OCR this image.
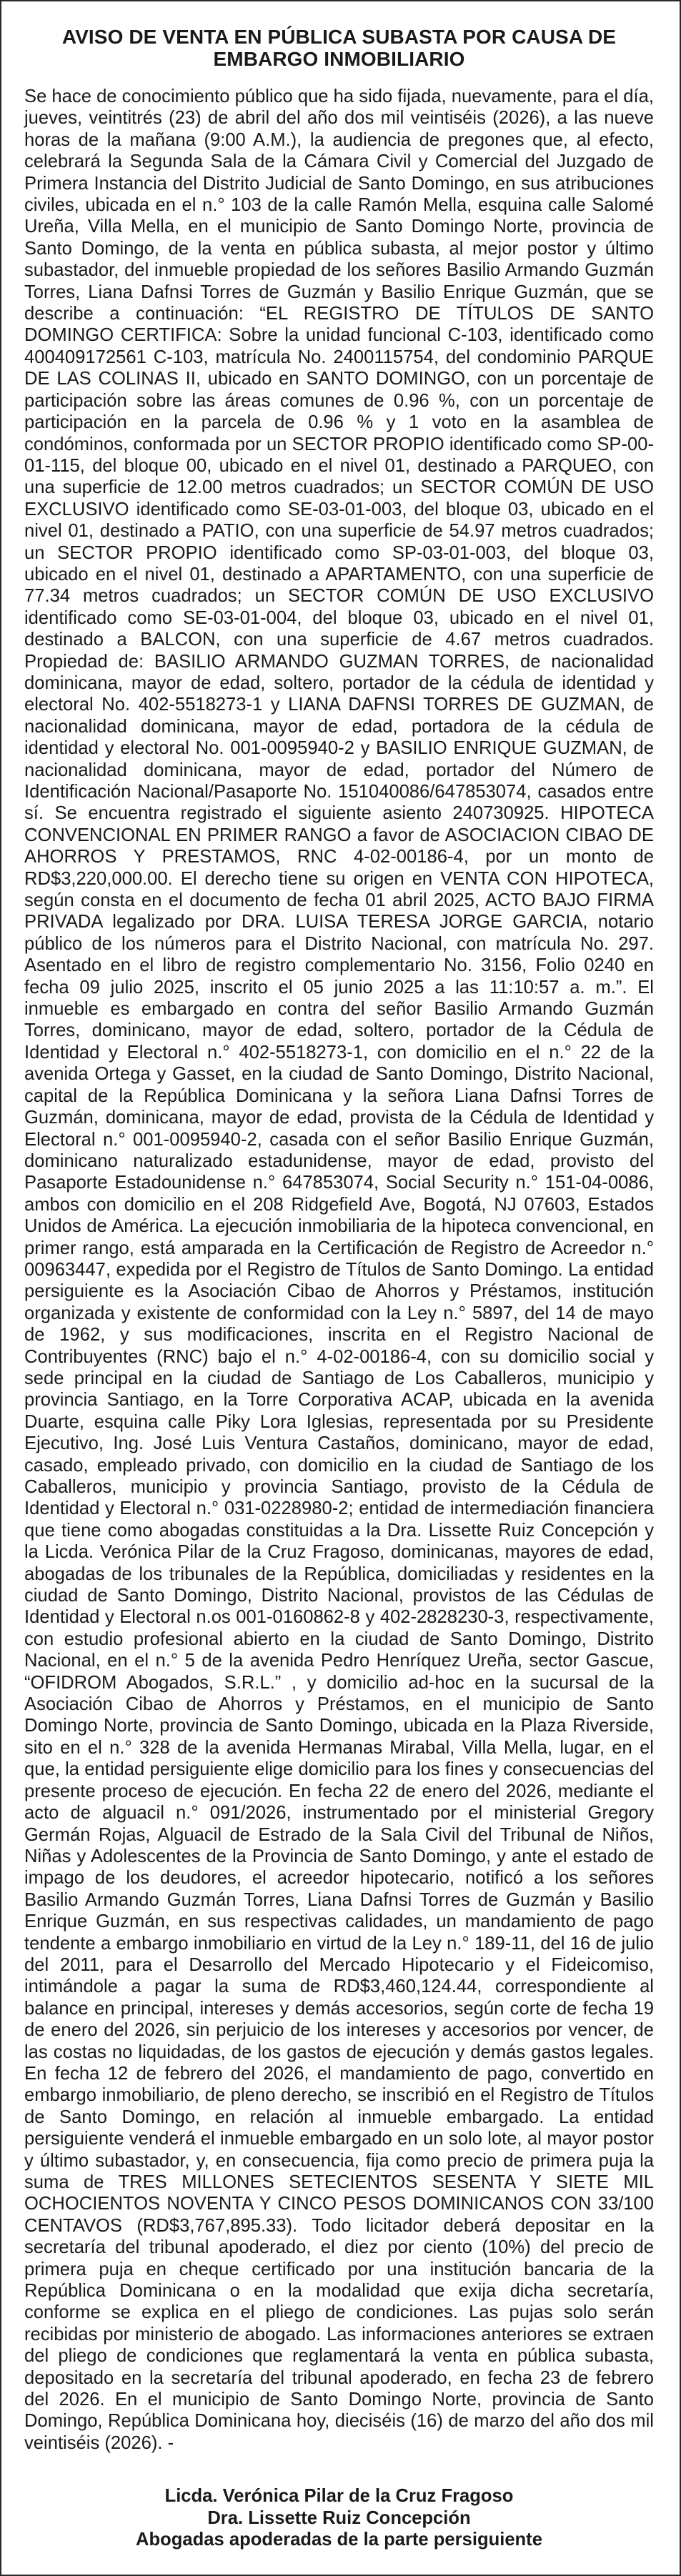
AVISO DE VENTA EN PÚBLICA SUBASTA POR CAUSA DE EMBARGO INMOBILIARIO

Se hace de conocimiento público que ha sido fijada, nuevamente, para el día, jueves, veintitrés (23) de abril del año dos mil veintiséis (2026), a las nueve horas de la mañana (9:00 A.M.), la audiencia de pregones que, al efecto, celebrará la Segunda Sala de la Cámara Civil y Comercial del Juzgado de Primera Instancia del Distrito Judicial de Santo Domingo, en sus atribuciones civiles, ubicada en el n.° 103 de la calle Ramón Mella, esquina calle Salomé Ureña, Villa Mella, en el municipio de Santo Domingo Norte, provincia de Santo Domingo, de la venta en pública subasta, al mejor postor y último subastador, del inmueble propiedad de los señores Basilio Armando Guzmán Torres, Liana Dafnsi Torres de Guzmán y Basilio Enrique Guzmán, que se describe a continuación: “EL REGISTRO DE TÍTULOS DE SANTO DOMINGO CERTIFICA: Sobre la unidad funcional C-103, identificado como 400409172561 C-103, matrícula No. 2400115754, del condominio PARQUE DE LAS COLINAS II, ubicado en SANTO DOMINGO, con un porcentaje de participación sobre las áreas comunes de 0.96 %, con un porcentaje de participación en la parcela de 0.96 % y 1 voto en la asamblea de condóminos, conformada por un SECTOR PROPIO identificado como SP-00-01-115, del bloque 00, ubicado en el nivel 01, destinado a PARQUEO, con una superficie de 12.00 metros cuadrados; un SECTOR COMÚN DE USO EXCLUSIVO identificado como SE-03-01-003, del bloque 03, ubicado en el nivel 01, destinado a PATIO, con una superficie de 54.97 metros cuadrados; un SECTOR PROPIO identificado como SP-03-01-003, del bloque 03, ubicado en el nivel 01, destinado a APARTAMENTO, con una superficie de 77.34 metros cuadrados; un SECTOR COMÚN DE USO EXCLUSIVO identificado como SE-03-01-004, del bloque 03, ubicado en el nivel 01, destinado a BALCON, con una superficie de 4.67 metros cuadrados. Propiedad de: BASILIO ARMANDO GUZMAN TORRES, de nacionalidad dominicana, mayor de edad, soltero, portador de la cédula de identidad y electoral No. 402-5518273-1 y LIANA DAFNSI TORRES DE GUZMAN, de nacionalidad dominicana, mayor de edad, portadora de la cédula de identidad y electoral No. 001-0095940-2 y BASILIO ENRIQUE GUZMAN, de nacionalidad dominicana, mayor de edad, portador del Número de Identificación Nacional/Pasaporte No. 151040086/647853074, casados entre sí. Se encuentra registrado el siguiente asiento 240730925. HIPOTECA CONVENCIONAL EN PRIMER RANGO a favor de ASOCIACION CIBAO DE AHORROS Y PRESTAMOS, RNC 4-02-00186-4, por un monto de RD$3,220,000.00. El derecho tiene su origen en VENTA CON HIPOTECA, según consta en el documento de fecha 01 abril 2025, ACTO BAJO FIRMA PRIVADA legalizado por DRA. LUISA TERESA JORGE GARCIA, notario público de los números para el Distrito Nacional, con matrícula No. 297. Asentado en el libro de registro complementario No. 3156, Folio 0240 en fecha 09 julio 2025, inscrito el 05 junio 2025 a las 11:10:57 a. m.”. El inmueble es embargado en contra del señor Basilio Armando Guzmán Torres, dominicano, mayor de edad, soltero, portador de la Cédula de Identidad y Electoral n.° 402-5518273-1, con domicilio en el n.° 22 de la avenida Ortega y Gasset, en la ciudad de Santo Domingo, Distrito Nacional, capital de la República Dominicana y la señora Liana Dafnsi Torres de Guzmán, dominicana, mayor de edad, provista de la Cédula de Identidad y Electoral n.° 001-0095940-2, casada con el señor Basilio Enrique Guzmán, dominicano naturalizado estadunidense, mayor de edad, provisto del Pasaporte Estadounidense n.° 647853074, Social Security n.° 151-04-0086, ambos con domicilio en el 208 Ridgefield Ave, Bogotá, NJ 07603, Estados Unidos de América. La ejecución inmobiliaria de la hipoteca convencional, en primer rango, está amparada en la Certificación de Registro de Acreedor n.° 00963447, expedida por el Registro de Títulos de Santo Domingo. La entidad persiguiente es la Asociación Cibao de Ahorros y Préstamos, institución organizada y existente de conformidad con la Ley n.° 5897, del 14 de mayo de 1962, y sus modificaciones, inscrita en el Registro Nacional de Contribuyentes (RNC) bajo el n.° 4-02-00186-4, con su domicilio social y sede principal en la ciudad de Santiago de Los Caballeros, municipio y provincia Santiago, en la Torre Corporativa ACAP, ubicada en la avenida Duarte, esquina calle Piky Lora Iglesias, representada por su Presidente Ejecutivo, Ing. José Luis Ventura Castaños, dominicano, mayor de edad, casado, empleado privado, con domicilio en la ciudad de Santiago de los Caballeros, municipio y provincia Santiago, provisto de la Cédula de Identidad y Electoral n.° 031-0228980-2; entidad de intermediación financiera que tiene como abogadas constituidas a la Dra. Lissette Ruiz Concepción y la Licda. Verónica Pilar de la Cruz Fragoso, dominicanas, mayores de edad, abogadas de los tribunales de la República, domiciliadas y residentes en la ciudad de Santo Domingo, Distrito Nacional, provistos de las Cédulas de Identidad y Electoral n.os 001-0160862-8 y 402-2828230-3, respectivamente, con estudio profesional abierto en la ciudad de Santo Domingo, Distrito Nacional, en el n.° 5 de la avenida Pedro Henríquez Ureña, sector Gascue, “OFIDROM Abogados, S.R.L.” , y domicilio ad-hoc en la sucursal de la Asociación Cibao de Ahorros y Préstamos, en el municipio de Santo Domingo Norte, provincia de Santo Domingo, ubicada en la Plaza Riverside, sito en el n.° 328 de la avenida Hermanas Mirabal, Villa Mella, lugar, en el que, la entidad persiguiente elige domicilio para los fines y consecuencias del presente proceso de ejecución. En fecha 22 de enero del 2026, mediante el acto de alguacil n.° 091/2026, instrumentado por el ministerial Gregory Germán Rojas, Alguacil de Estrado de la Sala Civil del Tribunal de Niños, Niñas y Adolescentes de la Provincia de Santo Domingo, y ante el estado de impago de los deudores, el acreedor hipotecario, notificó a los señores Basilio Armando Guzmán Torres, Liana Dafnsi Torres de Guzmán y Basilio Enrique Guzmán, en sus respectivas calidades, un mandamiento de pago tendente a embargo inmobiliario en virtud de la Ley n.° 189-11, del 16 de julio del 2011, para el Desarrollo del Mercado Hipotecario y el Fideicomiso, intimándole a pagar la suma de RD$3,460,124.44, correspondiente al balance en principal, intereses y demás accesorios, según corte de fecha 19 de enero del 2026, sin perjuicio de los intereses y accesorios por vencer, de las costas no liquidadas, de los gastos de ejecución y demás gastos legales. En fecha 12 de febrero del 2026, el mandamiento de pago, convertido en embargo inmobiliario, de pleno derecho, se inscribió en el Registro de Títulos de Santo Domingo, en relación al inmueble embargado. La entidad persiguiente venderá el inmueble embargado en un solo lote, al mayor postor y último subastador, y, en consecuencia, fija como precio de primera puja la suma de TRES MILLONES SETECIENTOS SESENTA Y SIETE MIL OCHOCIENTOS NOVENTA Y CINCO PESOS DOMINICANOS CON 33/100 CENTAVOS (RD$3,767,895.33). Todo licitador deberá depositar en la secretaría del tribunal apoderado, el diez por ciento (10%) del precio de primera puja en cheque certificado por una institución bancaria de la República Dominicana o en la modalidad que exija dicha secretaría, conforme se explica en el pliego de condiciones. Las pujas solo serán recibidas por ministerio de abogado. Las informaciones anteriores se extraen del pliego de condiciones que reglamentará la venta en pública subasta, depositado en la secretaría del tribunal apoderado, en fecha 23 de febrero del 2026. En el municipio de Santo Domingo Norte, provincia de Santo Domingo, República Dominicana hoy, dieciséis (16) de marzo del año dos mil veintiséis (2026). -

Licda. Verónica Pilar de la Cruz Fragoso
Dra. Lissette Ruiz Concepción
Abogadas apoderadas de la parte persiguiente
